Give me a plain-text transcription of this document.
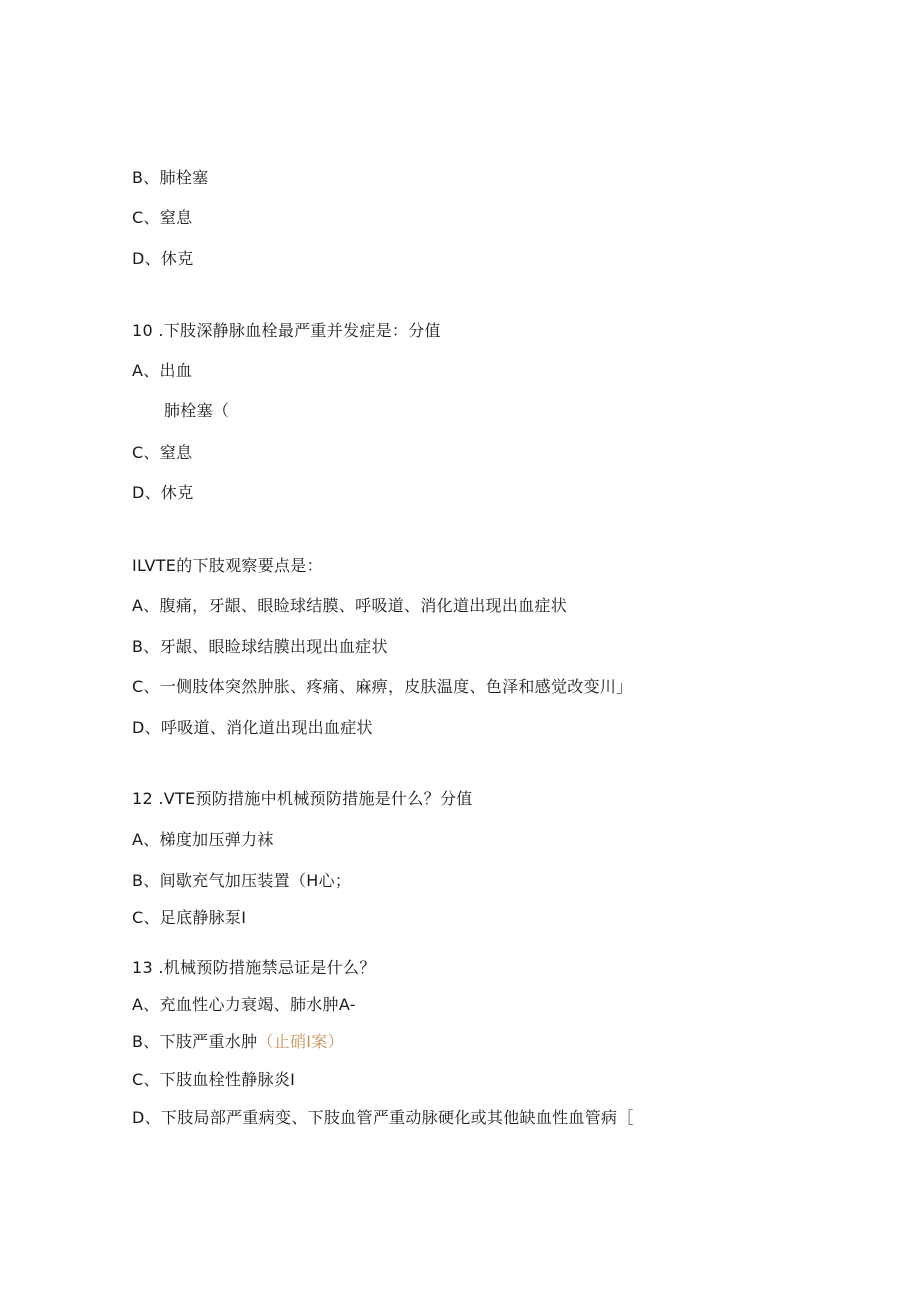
B、肺栓塞
C、窒息
D、休克
10 .下肢深静脉血栓最严重并发症是：分值
A、出血
肺栓塞（
C、窒息
D、休克
ILVTE的下肢观察要点是：
A、腹痛，牙龈、眼睑球结膜、呼吸道、消化道出现出血症状
B、牙龈、眼睑球结膜出现出血症状
C、一侧肢体突然肿胀、疼痛、麻痹，皮肤温度、色泽和感觉改变川」
D、呼吸道、消化道出现出血症状
12 .VTE预防措施中机械预防措施是什么？分值
A、梯度加压弹力袜
B、间歇充气加压装置（H心；
C、足底静脉泵I
13 .机械预防措施禁忌证是什么？
A、充血性心力衰竭、肺水肿A-
B、下肢严重水肿（止硝I案）
C、下肢血栓性静脉炎I
D、下肢局部严重病变、下肢血管严重动脉硬化或其他缺血性血管病［
